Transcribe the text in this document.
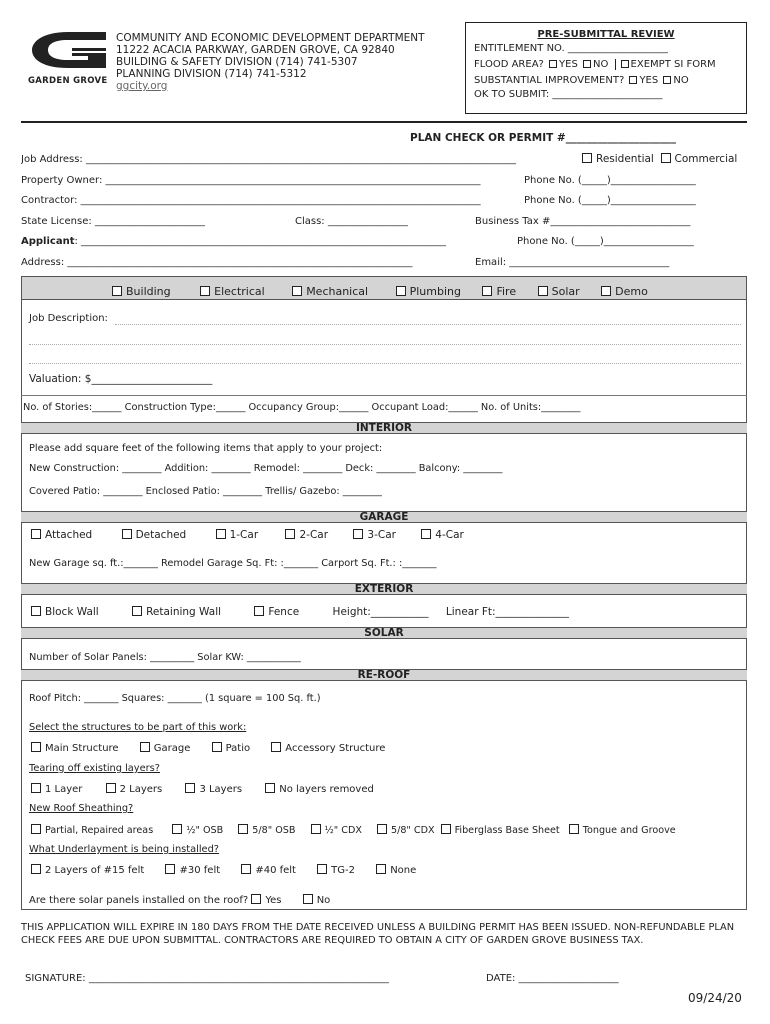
GARDEN GROVE
COMMUNITY AND ECONOMIC DEVELOPMENT DEPARTMENT
11222 ACACIA PARKWAY, GARDEN GROVE, CA 92840
BUILDING & SAFETY DIVISION (714) 741-5307
PLANNING DIVISION (714) 741-5312
ggcity.org
PRE-SUBMITTAL REVIEW
ENTITLEMENT NO. ____________________
FLOOD AREA? YES NO EXEMPT SI FORM
SUBSTANTIAL IMPROVEMENT? YES NO
OK TO SUBMIT: ______________________
PLAN CHECK OR PERMIT #_____________________
Job Address: ______________________________________________________________________________________	Residential Commercial
Property Owner: ___________________________________________________________________________	Phone No. (_____)_________________
Contractor: ________________________________________________________________________________	Phone No. (_____)_________________
State License: ______________________	Class: ________________	Business Tax #____________________________
Applicant: _________________________________________________________________________	Phone No. (_____)__________________
Address: _____________________________________________________________________	Email: ________________________________
Building	Electrical	Mechanical	Plumbing	Fire	Solar	Demo
Job Description:
Valuation: $_______________________
No. of Stories:______ Construction Type:______ Occupancy Group:______ Occupant Load:______ No. of Units:________
INTERIOR
Please add square feet of the following items that apply to your project:
New Construction: ________ Addition: ________ Remodel: ________ Deck: ________ Balcony: ________
Covered Patio: ________ Enclosed Patio: ________ Trellis/ Gazebo: ________
GARAGE
Attached	Detached	1-Car	2-Car	3-Car	4-Car
New Garage sq. ft.:_______ Remodel Garage Sq. Ft: :_______ Carport Sq. Ft.: :_______
EXTERIOR
Block Wall	Retaining Wall	Fence	Height:___________ Linear Ft:______________
SOLAR
Number of Solar Panels: _________ Solar KW: ___________
RE-ROOF
Roof Pitch: _______ Squares: _______ (1 square = 100 Sq. ft.)
Select the structures to be part of this work:
Main Structure	Garage	Patio	Accessory Structure
Tearing off existing layers?
1 Layer	2 Layers	3 Layers	No layers removed
New Roof Sheathing?
Partial, Repaired areas	½" OSB	5/8" OSB	½" CDX	5/8" CDX Fiberglass Base Sheet Tongue and Groove
What Underlayment is being installed?
2 Layers of #15 felt	#30 felt	#40 felt	TG-2	None
Are there solar panels installed on the roof? Yes	No
THIS APPLICATION WILL EXPIRE IN 180 DAYS FROM THE DATE RECEIVED UNLESS A BUILDING PERMIT HAS BEEN ISSUED. NON-REFUNDABLE PLAN CHECK FEES ARE DUE UPON SUBMITTAL. CONTRACTORS ARE REQUIRED TO OBTAIN A CITY OF GARDEN GROVE BUSINESS TAX.
SIGNATURE: ____________________________________________________________	DATE: ____________________
09/24/20
